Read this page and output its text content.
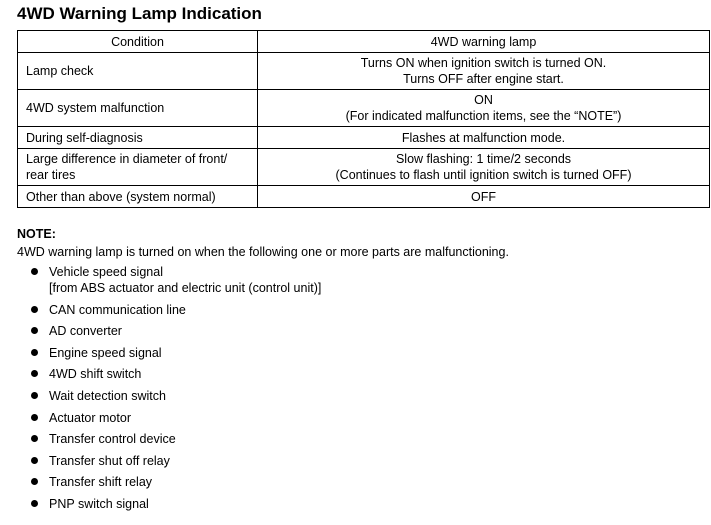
4WD Warning Lamp Indication
Condition	4WD warning lamp
Lamp check	Turns ON when ignition switch is turned ON.
Turns OFF after engine start.

4WD system malfunction	ON
(For indicated malfunction items, see the “NOTE”)

During self-diagnosis	Flashes at malfunction mode.

Large difference in diameter of front/
rear tires	Slow flashing: 1 time/2 seconds
(Continues to flash until ignition switch is turned OFF)

Other than above (system normal)	OFF
NOTE:
4WD warning lamp is turned on when the following one or more parts are malfunctioning.
Vehicle speed signal
[from ABS actuator and electric unit (control unit)]
CAN communication line
AD converter
Engine speed signal
4WD shift switch
Wait detection switch
Actuator motor
Transfer control device
Transfer shut off relay
Transfer shift relay
PNP switch signal
